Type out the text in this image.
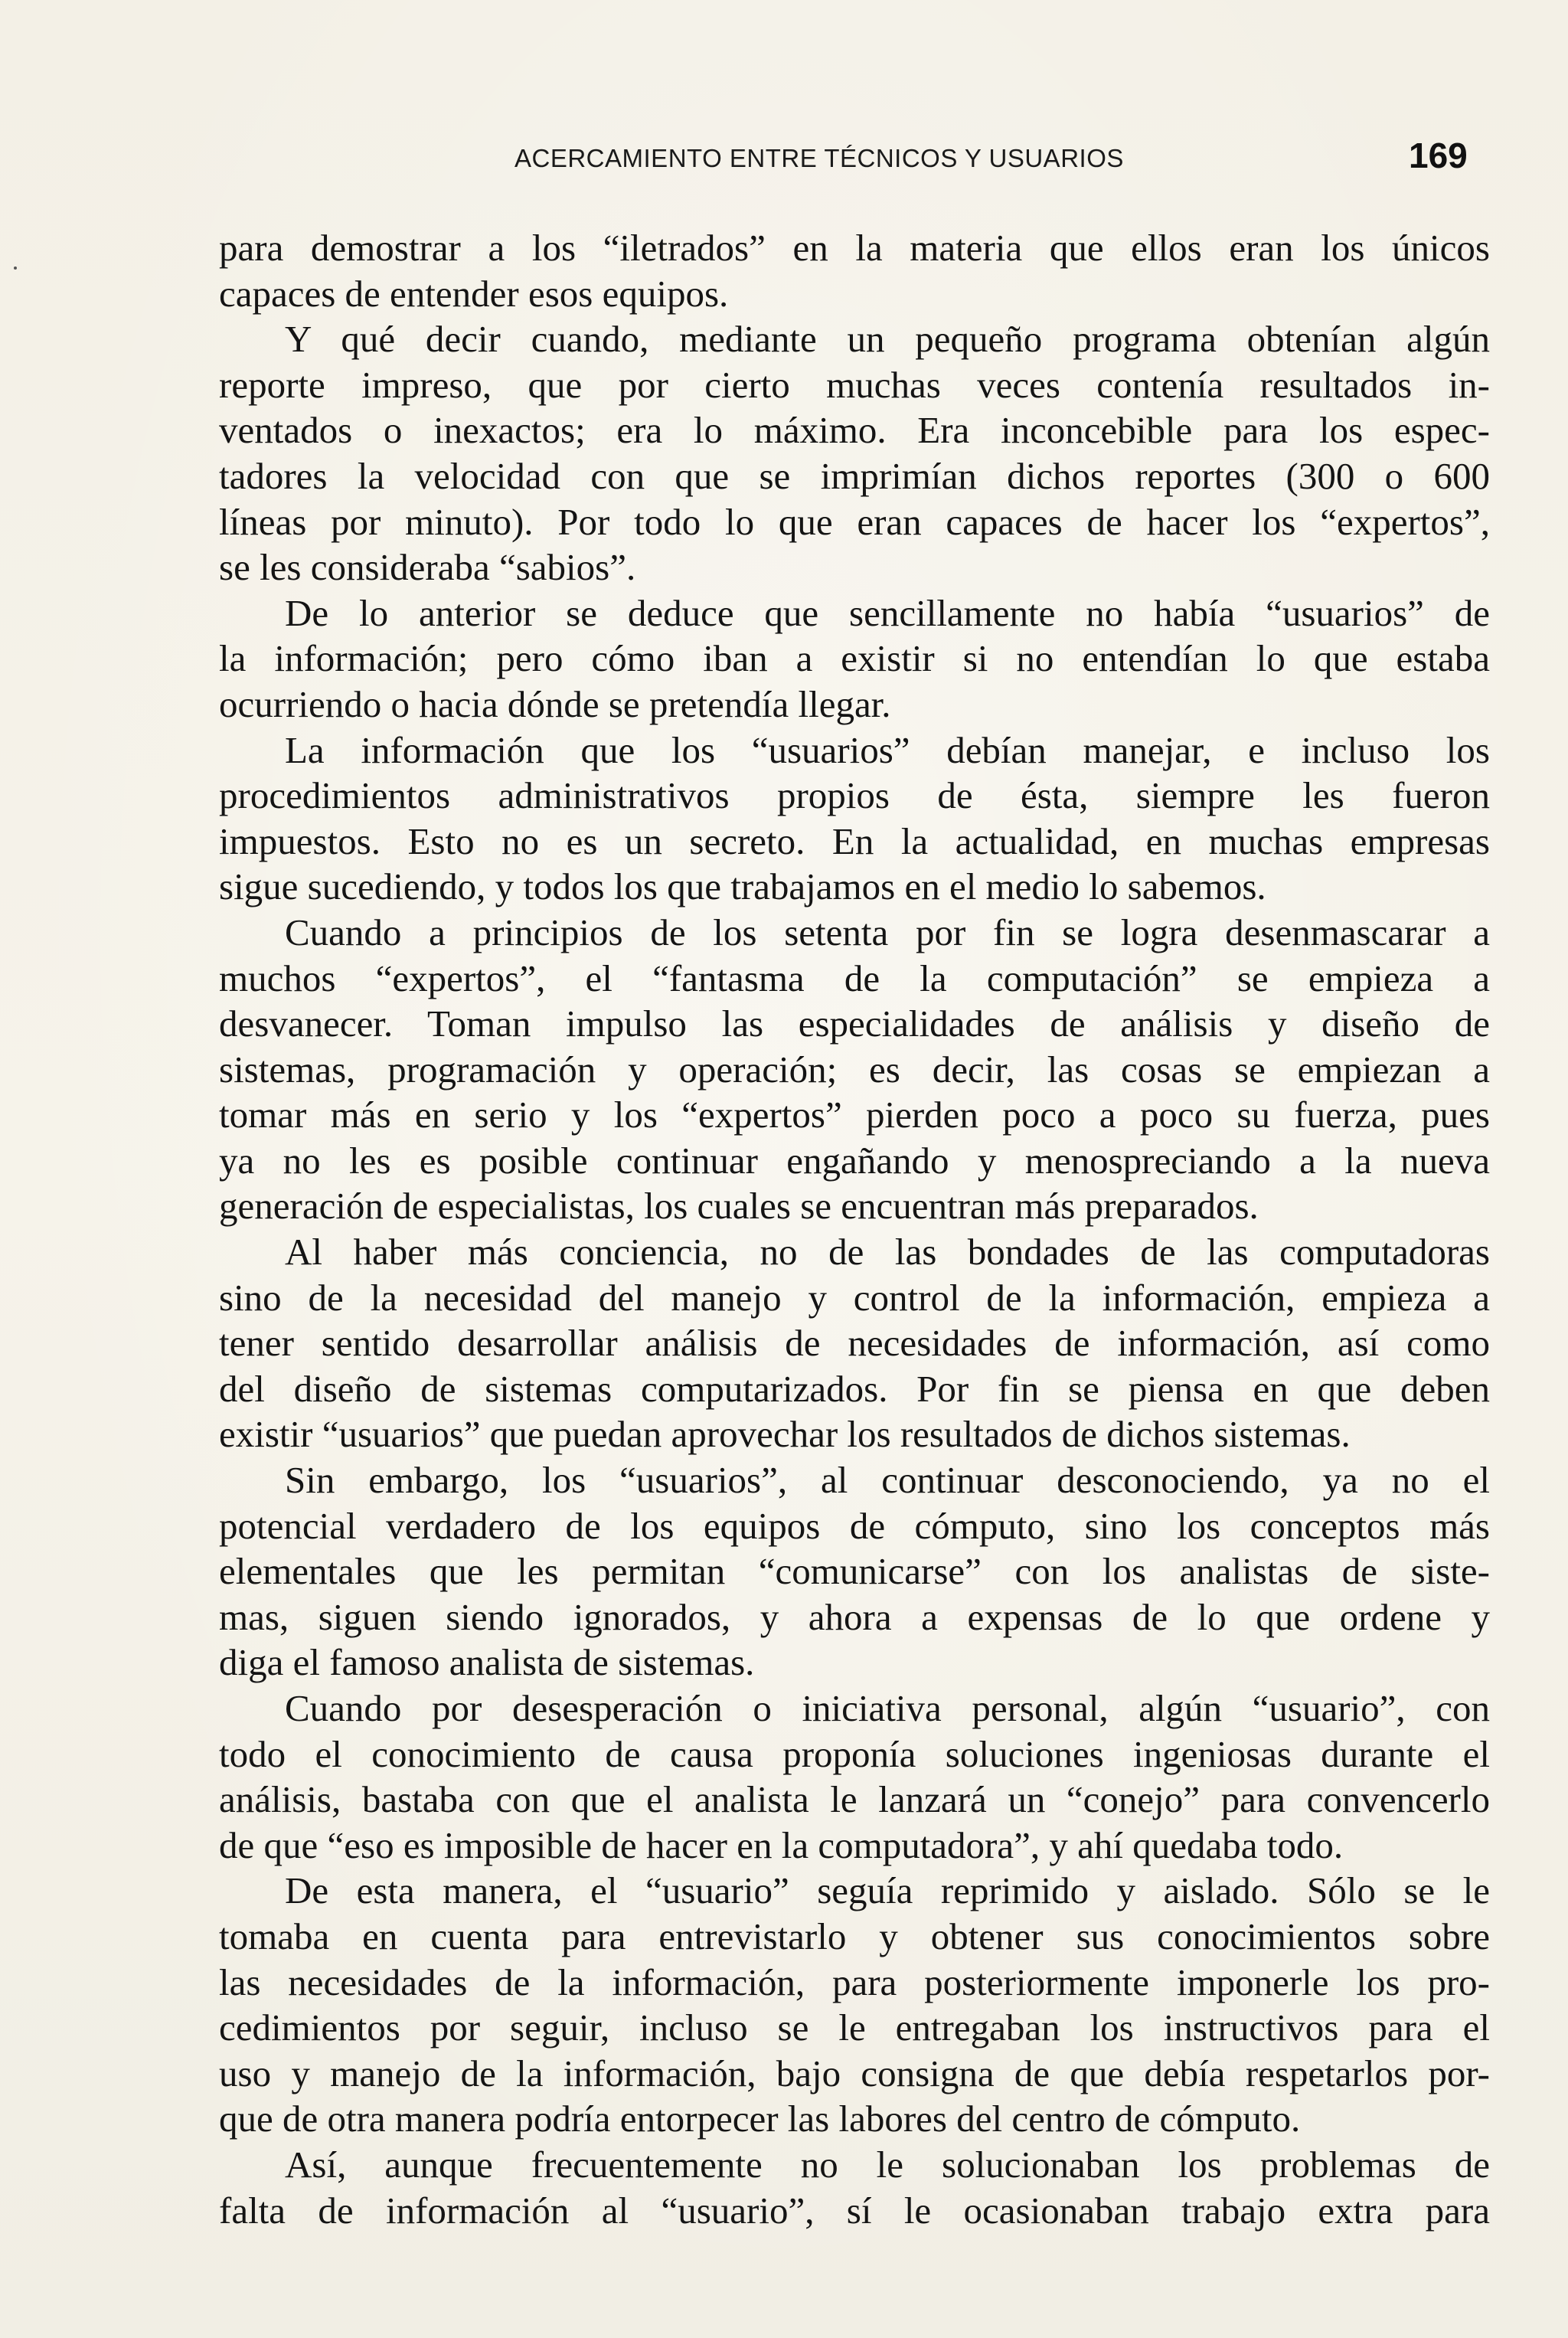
ACERCAMIENTO ENTRE TÉCNICOS Y USUARIOS	169
para demostrar a los “iletrados” en la materia que ellos eran los únicos
capaces de entender esos equipos.
Y qué decir cuando, mediante un pequeño programa obtenían algún
reporte impreso, que por cierto muchas veces contenía resultados in-
ventados o inexactos; era lo máximo. Era inconcebible para los espec-
tadores la velocidad con que se imprimían dichos reportes (300 o 600
líneas por minuto). Por todo lo que eran capaces de hacer los “expertos”,
se les consideraba “sabios”.
De lo anterior se deduce que sencillamente no había “usuarios” de
la información; pero cómo iban a existir si no entendían lo que estaba
ocurriendo o hacia dónde se pretendía llegar.
La información que los “usuarios” debían manejar, e incluso los
procedimientos administrativos propios de ésta, siempre les fueron
impuestos. Esto no es un secreto. En la actualidad, en muchas empresas
sigue sucediendo, y todos los que trabajamos en el medio lo sabemos.
Cuando a principios de los setenta por fin se logra desenmascarar a
muchos “expertos”, el “fantasma de la computación” se empieza a
desvanecer. Toman impulso las especialidades de análisis y diseño de
sistemas, programación y operación; es decir, las cosas se empiezan a
tomar más en serio y los “expertos” pierden poco a poco su fuerza, pues
ya no les es posible continuar engañando y menospreciando a la nueva
generación de especialistas, los cuales se encuentran más preparados.
Al haber más conciencia, no de las bondades de las computadoras
sino de la necesidad del manejo y control de la información, empieza a
tener sentido desarrollar análisis de necesidades de información, así como
del diseño de sistemas computarizados. Por fin se piensa en que deben
existir “usuarios” que puedan aprovechar los resultados de dichos sistemas.
Sin embargo, los “usuarios”, al continuar desconociendo, ya no el
potencial verdadero de los equipos de cómputo, sino los conceptos más
elementales que les permitan “comunicarse” con los analistas de siste-
mas, siguen siendo ignorados, y ahora a expensas de lo que ordene y
diga el famoso analista de sistemas.
Cuando por desesperación o iniciativa personal, algún “usuario”, con
todo el conocimiento de causa proponía soluciones ingeniosas durante el
análisis, bastaba con que el analista le lanzará un “conejo” para convencerlo
de que “eso es imposible de hacer en la computadora”, y ahí quedaba todo.
De esta manera, el “usuario” seguía reprimido y aislado. Sólo se le
tomaba en cuenta para entrevistarlo y obtener sus conocimientos sobre
las necesidades de la información, para posteriormente imponerle los pro-
cedimientos por seguir, incluso se le entregaban los instructivos para el
uso y manejo de la información, bajo consigna de que debía respetarlos por-
que de otra manera podría entorpecer las labores del centro de cómputo.
Así, aunque frecuentemente no le solucionaban los problemas de
falta de información al “usuario”, sí le ocasionaban trabajo extra para
